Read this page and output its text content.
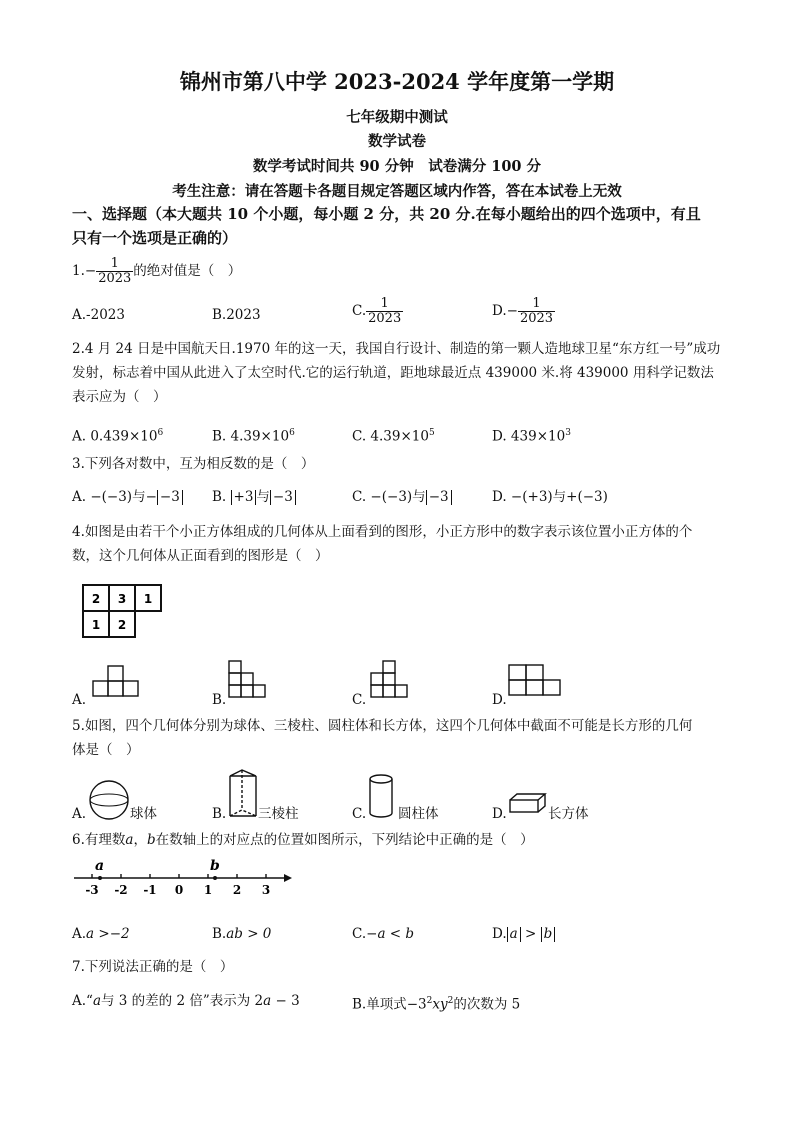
锦州市第八中学 2023-2024 学年度第一学期
七年级期中测试
数学试卷
数学考试时间共 90 分钟　试卷满分 100 分
考生注意：请在答题卡各题目规定答题区域内作答，答在本试卷上无效
一、选择题（本大题共 10 个小题，每小题 2 分，共 20 分.在每小题给出的四个选项中，有且
只有一个选项是正确的）
$1.- \frac{1}{2023}$ 的绝对值是（　）
A.-2023	B.2023	C. $\frac{1}{2023}$	$D.- \frac{1}{2023}$
2.4 月 24 日是中国航天日.1970 年的这一天，我国自行设计、制造的第一颗人造地球卫星“东方红一号”成功
发射，标志着中国从此进入了太空时代.它的运行轨道，距地球最近点 439000 米.将 439000 用科学记数法
表示应为（　）
A. $0.439\times 10^6$	B. $4.39\times 10^6$	C. $4.39\times 10^5$	D. $439\times 10^3$
3.下列各对数中，互为相反数的是（　）
A. −(−3)与− −3 B. +3 与 −3	C. −(−3)与 −3	D. −(+3)与+(−3)
4.如图是由若干个小正方体组成的几何体从上面看到的图形，小正方形中的数字表示该位置小正方体的个
数，这个几何体从正面看到的图形是（　）
2 3 1
1 2
A.	B.	C.	D.
5.如图，四个几何体分别为球体、三棱柱、圆柱体和长方体，这四个几何体中截面不可能是长方形的几何
体是（　）
A.	球体	B. 三棱柱	C. 圆柱体	D.	长方体
6.有理数a，b在数轴上的对应点的位置如图所示，下列结论中正确的是（　）
-3 -2 -1 0 1 2 3
a	b
A.a >−2	B.ab > 0	C.−a < b	D. a > b
7.下列说法正确的是（　）
A.“a与 3 的差的 2 倍”表示为 2a − 3	B.单项式$-3^2xy^2$的次数为 5
